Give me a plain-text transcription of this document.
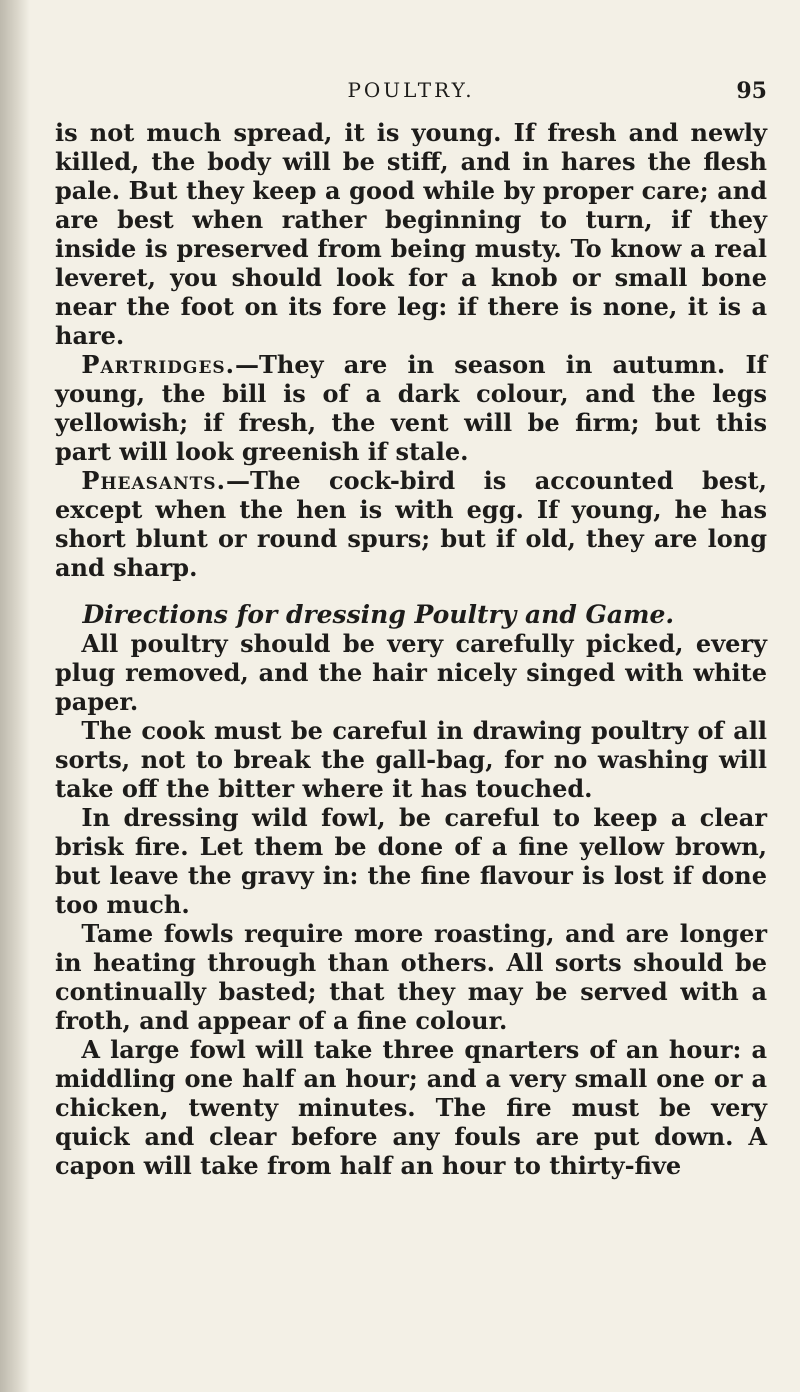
POULTRY.	95

is not much spread, it is young. If fresh and newly killed, the body will be stiff, and in hares the flesh pale. But they keep a good while by proper care; and are best when rather beginning to turn, if they inside is preserved from being musty. To know a real leveret, you should look for a knob or small bone near the foot on its fore leg: if there is none, it is a hare.

Partridges.—They are in season in autumn. If young, the bill is of a dark colour, and the legs yellowish; if fresh, the vent will be firm; but this part will look greenish if stale.

Pheasants.—The cock-bird is accounted best, except when the hen is with egg. If young, he has short blunt or round spurs; but if old, they are long and sharp.

Directions for dressing Poultry and Game.

All poultry should be very carefully picked, every plug removed, and the hair nicely singed with white paper.

The cook must be careful in drawing poultry of all sorts, not to break the gall-bag, for no washing will take off the bitter where it has touched.

In dressing wild fowl, be careful to keep a clear brisk fire. Let them be done of a fine yellow brown, but leave the gravy in: the fine flavour is lost if done too much.

Tame fowls require more roasting, and are longer in heating through than others. All sorts should be continually basted; that they may be served with a froth, and appear of a fine colour.

A large fowl will take three qnarters of an hour: a middling one half an hour; and a very small one or a chicken, twenty minutes. The fire must be very quick and clear before any fouls are put down. A capon will take from half an hour to thirty-five
